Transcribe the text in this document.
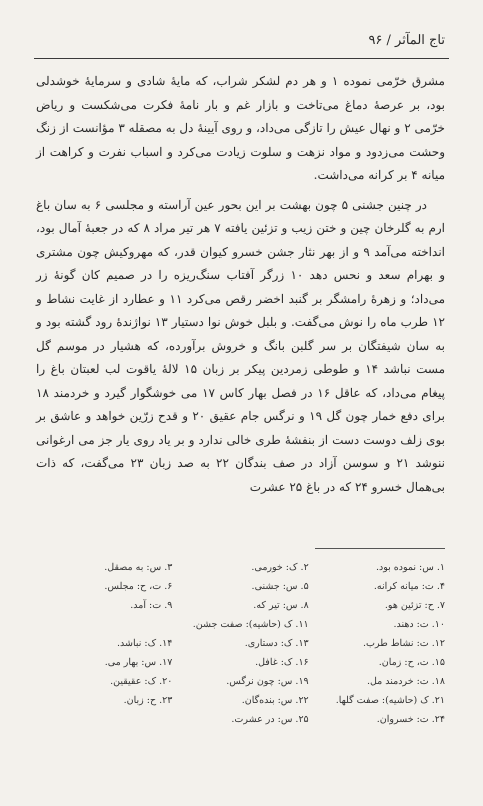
تاج المآثر / ۹۶

مشرق خرّمی نموده ۱ و هر دم لشکر شراب، که مایهٔ شادی و سرمایهٔ خوشدلی بود، بر عرصهٔ دماغ می‌تاخت و بازار غم و بار نامهٔ فکرت می‌شکست و ریاض خرّمی ۲ و نهال عیش را تازگی می‌داد، و روی آیینهٔ دل به مصقله ۳ مؤانست از زنگ وحشت می‌زدود و مواد نزهت و سلوت زیادت می‌کرد و اسباب نفرت و کراهت از میانه ۴ بر کرانه می‌داشت.

در چنین جشنی ۵ چون بهشت بر این بحور عین آراسته و مجلسی ۶ به سان باغ ارم به گلرخان چین و ختن زیب و تزئین یافته ۷ هر تیر مراد ۸ که در جعبهٔ آمال بود، انداخته می‌آمد ۹ و از بهر نثار جشن خسرو کیوان قدر، که مهروکیش چون مشتری و بهرام سعد و نحس دهد ۱۰ زرگر آفتاب سنگ‌ریزه را در صمیم کان گونهٔ زر می‌داد؛ و زهرهٔ رامشگر بر گنبد اخضر رقص می‌کرد ۱۱ و عطارد از غایت نشاط و ۱۲ طرب ماه را نوش می‌گفت. و بلبل خوش نوا دستیار ۱۳ نواژندهٔ رود گشته بود و به سان شیفتگان بر سر گلبن بانگ و خروش برآورده، که هشیار در موسم گل مست نباشد ۱۴ و طوطی زمردین پیکر بر زبان ۱۵ لالهٔ یاقوت لب لعبتان باغ را پیغام می‌داد، که عاقل ۱۶ در فصل بهار کاس ۱۷ می خوشگوار گیرد و خردمند ۱۸ برای دفع خمار چون گل ۱۹ و نرگس جام عقیق ۲۰ و قدح زرّین خواهد و عاشق بر بوی زلف دوست دست از بنفشهٔ طری خالی ندارد و بر یاد روی یار جز می ارغوانی ننوشد ۲۱ و سوسن آزاد در صف بندگان ۲۲ به صد زبان ۲۳ می‌گفت، که ذات بی‌همال خسرو ۲۴ که در باغ ۲۵ عشرت

۱. س: نموده بود.
۲. ک: خورمی.
۳. س: به مصقل.
۴. ت: میانه کرانه.
۵. س: جشنی.
۶. ت، ح: مجلس.
۷. ح: تزئین هو.
۸. س: تیر که.
۹. ت: آمد.
۱۰. ت: دهند.
۱۱. ک (حاشیه): صفت جشن.
۱۲. ت: نشاط طرب.
۱۳. ک: دستاری.
۱۴. ک: نباشد.
۱۵. ت، ح: زمان.
۱۶. ک: غافل.
۱۷. س: بهار می.
۱۸. ت: خردمند مل.
۱۹. س: چون نرگس.
۲۰. ک: عقیقین.
۲۱. ک (حاشیه): صفت گلها.
۲۲. س: بنده‌گان.
۲۳. ح: زبان.
۲۴. ت: خسروان.
۲۵. س: در عشرت.
